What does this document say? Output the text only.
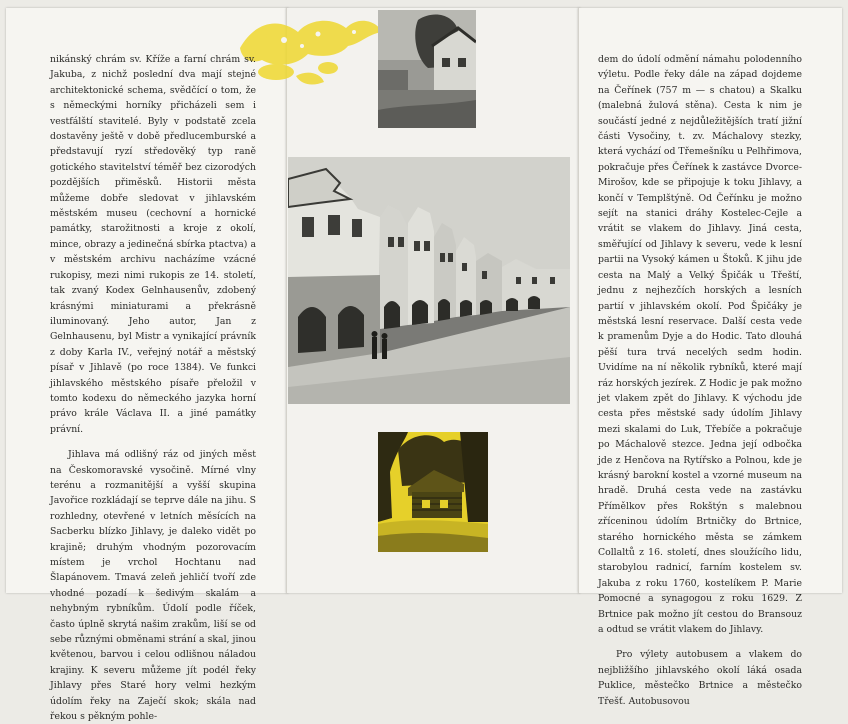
nikánský chrám sv. Kříže a farní chrám sv. Jakuba, z nichž poslední dva mají stejné architektonické schema, svědčící o tom, že s německými horníky přicházeli sem i vestfálští stavitelé. Byly v podstatě zcela dostavěny ještě v době předlucemburské a představují ryzí středověký typ raně gotického stavitelství téměř bez cizorodých pozdějších přiměsků. Historii města můžeme dobře sledovat v jihlavském městském museu (cechovní a hornické památky, starožitnosti a kroje z okolí, mince, obrazy a jedinečná sbírka ptactva) a v městském archivu nacházíme vzácné rukopisy, mezi nimi rukopis ze 14. století, tak zvaný Kodex Gelnhausenův, zdobený krásnými miniaturami a překrásně iluminovaný. Jeho autor, Jan z Gelnhausenu, byl Mistr a vynikající právník z doby Karla IV., veřejný notář a městský písař v Jihlavě (po roce 1384). Ve funkci jihlavského městského písaře přeložil v tomto kodexu do německého jazyka horní právo krále Václava II. a jiné památky právní.

Jihlava má odlišný ráz od jiných měst na Českomoravské vysočině. Mírné vlny terénu a rozmanitější a vyšší skupina Javořice rozkládají se teprve dále na jihu. S rozhledny, otevřené v letních měsících na Sacberku blízko Jihlavy, je daleko vidět po krajině; druhým vhodným pozorovacím místem je vrchol Hochtanu nad Šlapánovem. Tmavá zeleň jehličí tvoří zde vhodné pozadí k šedivým skalám a nehybným rybníkům. Údolí podle říček, často úplně skrytá našim zrakům, liší se od sebe různými obměnami strání a skal, jinou květenou, barvou i celou odlišnou náladou krajiny. K severu můžeme jít podél řeky Jihlavy přes Staré hory velmi hezkým údolím řeky na Zaječí skok; skála nad řekou s pěkným pohle-

dem do údolí odmění námahu polodenního výletu. Podle řeky dále na západ dojdeme na Čeřínek (757 m — s chatou) a Skalku (malebná žulová stěna). Cesta k nim je součástí jedné z nejdůležitějších tratí jižní části Vysočiny, t. zv. Máchalovy stezky, která vychází od Třemešníku u Pelhřimova, pokračuje přes Čeřínek k zastávce Dvorce-Mirošov, kde se připojuje k toku Jihlavy, a končí v Templštýně. Od Čeřínku je možno sejít na stanici dráhy Kostelec-Cejle a vrátit se vlakem do Jihlavy. Jiná cesta, směřující od Jihlavy k severu, vede k lesní partii na Vysoký kámen u Štoků. K jihu jde cesta na Malý a Velký Špičák u Třeští, jednu z nejhezčích horských a lesních partií v jihlavském okolí. Pod Špičáky je městská lesní reservace. Další cesta vede k pramenům Dyje a do Hodic. Tato dlouhá pěší tura trvá necelých sedm hodin. Uvidíme na ní několik rybníků, které mají ráz horských jezírek. Z Hodic je pak možno jet vlakem zpět do Jihlavy. K východu jde cesta přes městské sady údolím Jihlavy mezi skalami do Luk, Třebíče a pokračuje po Máchalově stezce. Jedna její odbočka jde z Henčova na Rytířsko a Polnou, kde je krásný barokní kostel a vzorné museum na hradě. Druhá cesta vede na zastávku Přímělkov přes Rokštýn s malebnou zříceninou údolím Brtničky do Brtnice, starého hornického města se zámkem Collaltů z 16. století, dnes sloužícího lidu, starobylou radnicí, farním kostelem sv. Jakuba z roku 1760, kostelíkem P. Marie Pomocné a synagogou z roku 1629. Z Brtnice pak možno jít cestou do Bransouz a odtud se vrátit vlakem do Jihlavy.

Pro výlety autobusem a vlakem do nejbližšího jihlavského okolí láká osada Puklice, městečko Brtnice a městečko Třešť. Autobusovou
